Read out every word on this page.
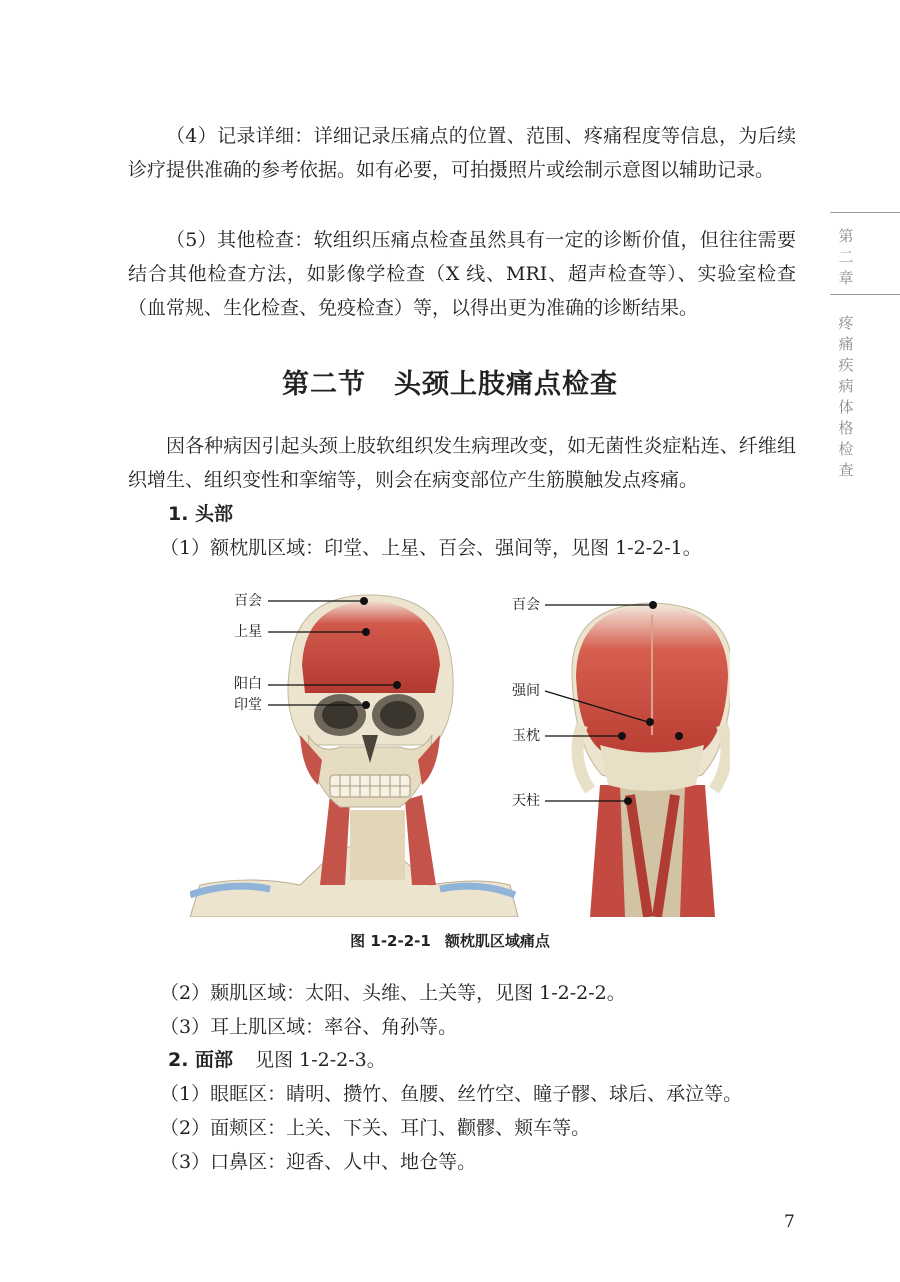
（4）记录详细：详细记录压痛点的位置、范围、疼痛程度等信息，为后续诊疗提供准确的参考依据。如有必要，可拍摄照片或绘制示意图以辅助记录。

（5）其他检查：软组织压痛点检查虽然具有一定的诊断价值，但往往需要结合其他检查方法，如影像学检查（X 线、MRI、超声检查等）、实验室检查（血常规、生化检查、免疫检查）等，以得出更为准确的诊断结果。

第二节　头颈上肢痛点检查

因各种病因引起头颈上肢软组织发生病理改变，如无菌性炎症粘连、纤维组织增生、组织变性和挛缩等，则会在病变部位产生筋膜触发点疼痛。

1. 头部

（1）额枕肌区域：印堂、上星、百会、强间等，见图 1-2-2-1。

百会
上星
阳白
印堂
百会
强间
玉枕
天柱
图 1-2-2-1 额枕肌区域痛点

（2）颞肌区域：太阳、头维、上关等，见图 1-2-2-2。

（3）耳上肌区域：率谷、角孙等。

2. 面部 见图 1-2-2-3。

（1）眼眶区：睛明、攒竹、鱼腰、丝竹空、瞳子髎、球后、承泣等。

（2）面颊区：上关、下关、耳门、颧髎、颊车等。

（3）口鼻区：迎香、人中、地仓等。

第
二
章
疼
痛
疾
病
体
格
检
查
7
